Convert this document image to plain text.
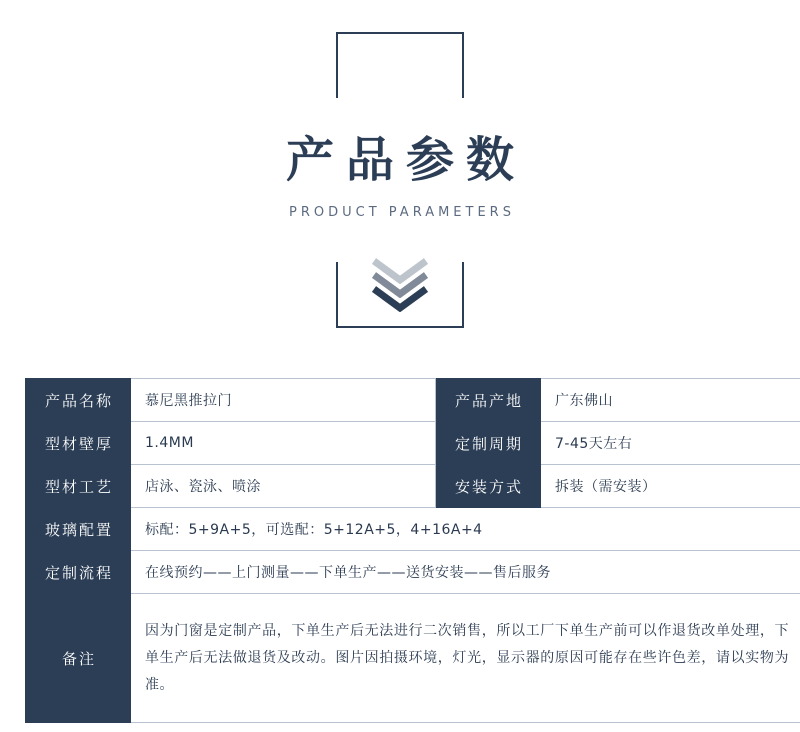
产品参数
PRODUCT PARAMETERS
产品名称	慕尼黑推拉门	产品产地	广东佛山
型材壁厚	1.4MM	定制周期	7-45天左右
型材工艺	店泳、瓷泳、喷涂	安装方式	拆装（需安装）
玻璃配置	标配：5+9A+5，可选配：5+12A+5，4+16A+4		
定制流程	在线预约——上门测量——下单生产——送货安装——售后服务		
备注	因为门窗是定制产品，下单生产后无法进行二次销售，所以工厂下单生产前可以作退货改单处理，下单生产后无法做退货及改动。图片因拍摄环境，灯光，显示器的原因可能存在些许色差，请以实物为准。		
